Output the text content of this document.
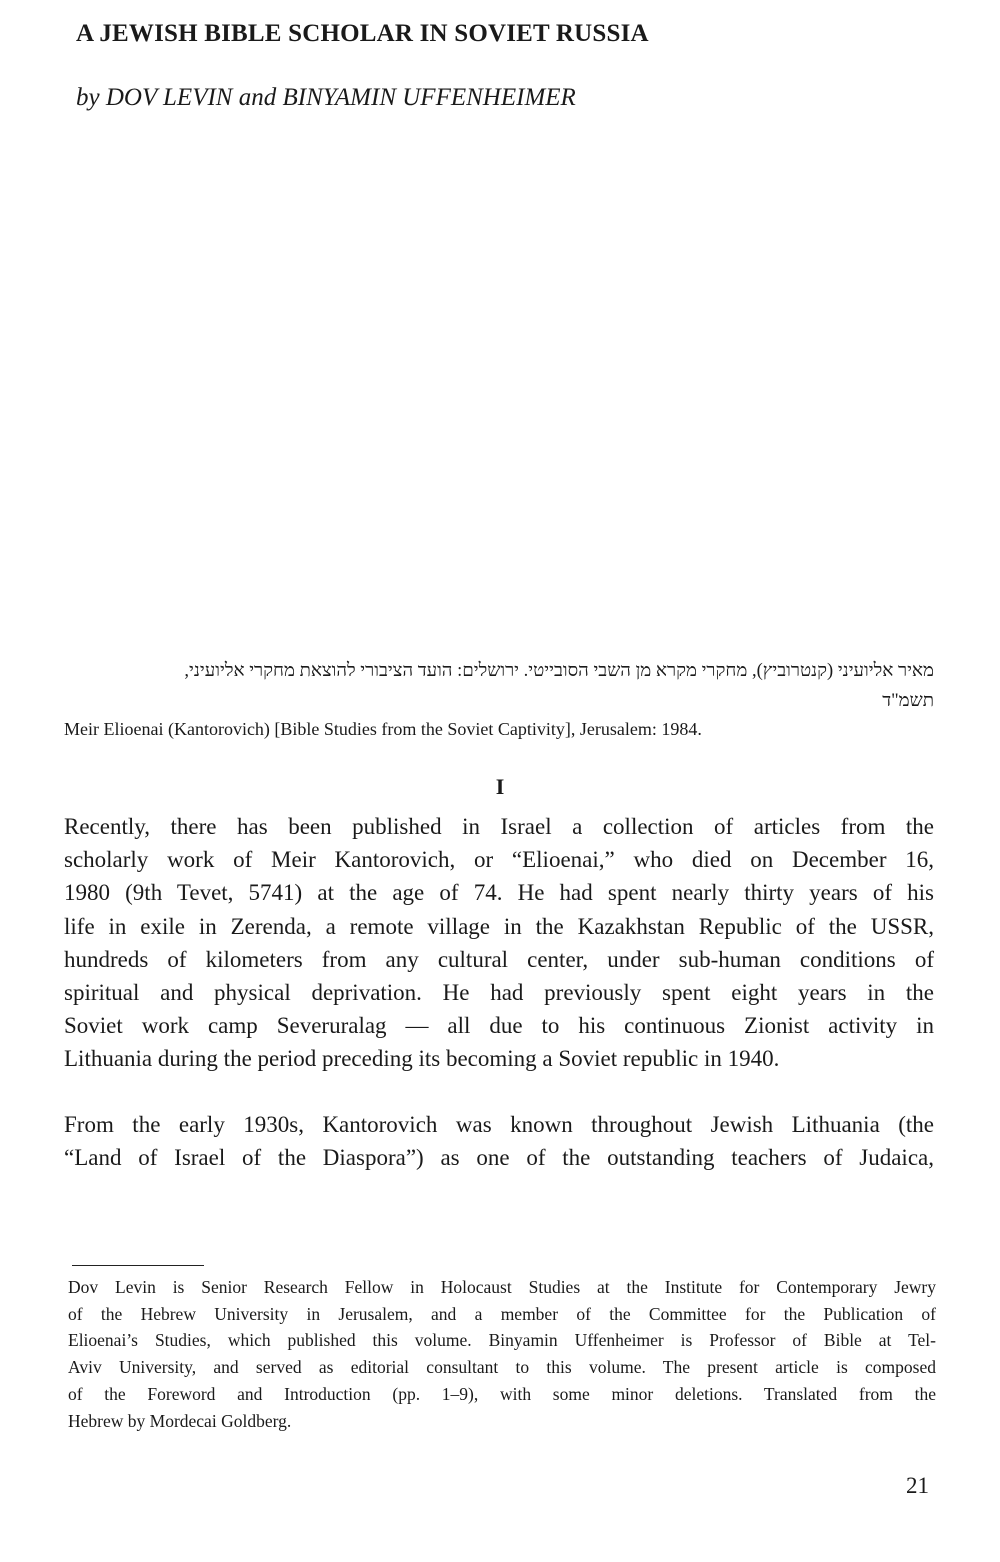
A JEWISH BIBLE SCHOLAR IN SOVIET RUSSIA
by DOV LEVIN and BINYAMIN UFFENHEIMER
מאיר אליועיני (קנטרוביץ), מחקרי מקרא מן השבי הסובייטי. ירושלים: הועד הציבורי להוצאת מחקרי אליועיני,
תשמ"ד
Meir Elioenai (Kantorovich) [Bible Studies from the Soviet Captivity], Jerusalem: 1984.
I
Recently, there has been published in Israel a collection of articles from the
scholarly work of Meir Kantorovich, or “Elioenai,” who died on December 16,
1980 (9th Tevet, 5741) at the age of 74. He had spent nearly thirty years of his
life in exile in Zerenda, a remote village in the Kazakhstan Republic of the USSR,
hundreds of kilometers from any cultural center, under sub-human conditions of
spiritual and physical deprivation. He had previously spent eight years in the
Soviet work camp Severuralag — all due to his continuous Zionist activity in
Lithuania during the period preceding its becoming a Soviet republic in 1940.
From the early 1930s, Kantorovich was known throughout Jewish Lithuania (the
“Land of Israel of the Diaspora”) as one of the outstanding teachers of Judaica,
Dov Levin is Senior Research Fellow in Holocaust Studies at the Institute for Contemporary Jewry
of the Hebrew University in Jerusalem, and a member of the Committee for the Publication of
Elioenai’s Studies, which published this volume. Binyamin Uffenheimer is Professor of Bible at Tel-
Aviv University, and served as editorial consultant to this volume. The present article is composed
of the Foreword and Introduction (pp. 1–9), with some minor deletions. Translated from the
Hebrew by Mordecai Goldberg.
21
